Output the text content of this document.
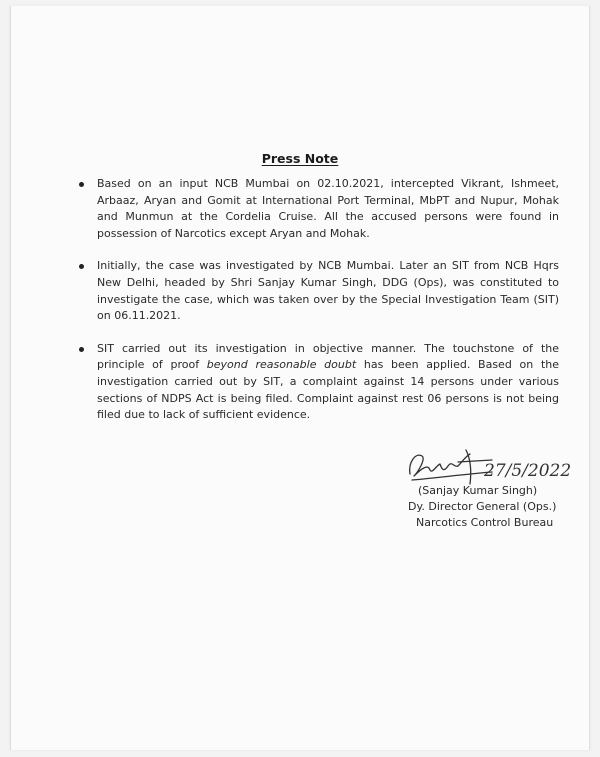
Press Note
Based on an input NCB Mumbai on 02.10.2021, intercepted Vikrant, Ishmeet, Arbaaz, Aryan and Gomit at International Port Terminal, MbPT and Nupur, Mohak and Munmun at the Cordelia Cruise. All the accused persons were found in possession of Narcotics except Aryan and Mohak.
Initially, the case was investigated by NCB Mumbai. Later an SIT from NCB Hqrs New Delhi, headed by Shri Sanjay Kumar Singh, DDG (Ops), was constituted to investigate the case, which was taken over by the Special Investigation Team (SIT) on 06.11.2021.
SIT carried out its investigation in objective manner. The touchstone of the principle of proof beyond reasonable doubt has been applied. Based on the investigation carried out by SIT, a complaint against 14 persons under various sections of NDPS Act is being filed. Complaint against rest 06 persons is not being filed due to lack of sufficient evidence.
27/5/2022
(Sanjay Kumar Singh)
Dy. Director General (Ops.)
Narcotics Control Bureau
